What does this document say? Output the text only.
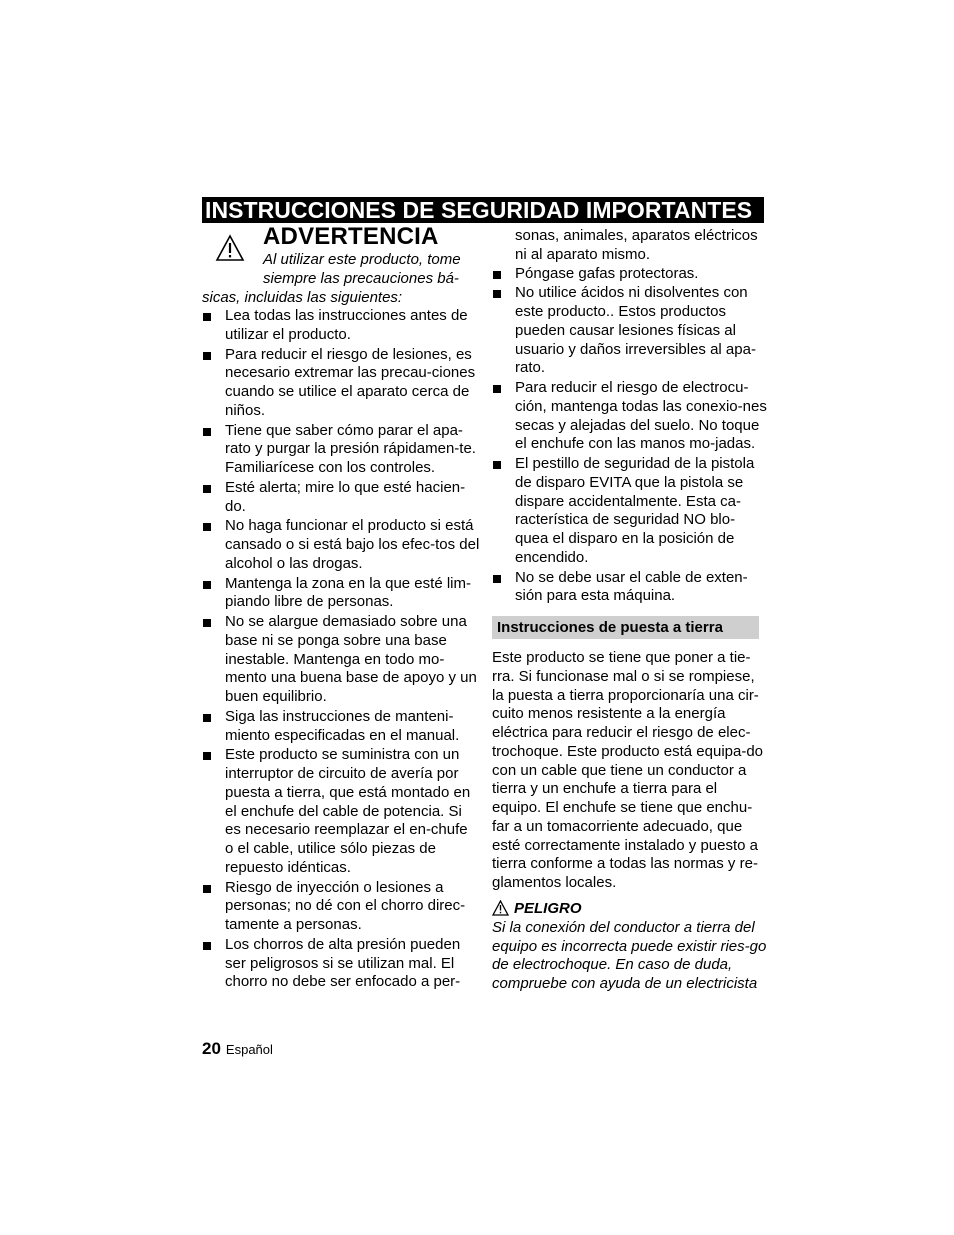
INSTRUCCIONES DE SEGURIDAD IMPORTANTES
ADVERTENCIA
Al utilizar este producto, tome
siempre las precauciones bá-
sicas, incluidas las siguientes:
Lea todas las instrucciones antes de utilizar el producto.
Para reducir el riesgo de lesiones, es necesario extremar las precau-ciones cuando se utilice el aparato cerca de niños.
Tiene que saber cómo parar el apa-rato y purgar la presión rápidamen-te. Familiarícese con los controles.
Esté alerta; mire lo que esté hacien-do.
No haga funcionar el producto si está cansado o si está bajo los efec-tos del alcohol o las drogas.
Mantenga la zona en la que esté lim-piando libre de personas.
No se alargue demasiado sobre una base ni se ponga sobre una base inestable. Mantenga en todo mo-mento una buena base de apoyo y un buen equilibrio.
Siga las instrucciones de manteni-miento especificadas en el manual.
Este producto se suministra con un interruptor de circuito de avería por puesta a tierra, que está montado en el enchufe del cable de potencia. Si es necesario reemplazar el en-chufe o el cable, utilice sólo piezas de repuesto idénticas.
Riesgo de inyección o lesiones a personas; no dé con el chorro direc-tamente a personas.
Los chorros de alta presión pueden ser peligrosos si se utilizan mal. El chorro no debe ser enfocado a per-
sonas, animales, aparatos eléctricos ni al aparato mismo.
Póngase gafas protectoras.
No utilice ácidos ni disolventes con este producto.. Estos productos pueden causar lesiones físicas al usuario y daños irreversibles al apa-rato.
Para reducir el riesgo de electrocu-ción, mantenga todas las conexio-nes secas y alejadas del suelo. No toque el enchufe con las manos mo-jadas.
El pestillo de seguridad de la pistola de disparo EVITA que la pistola se dispare accidentalmente. Esta ca-racterística de seguridad NO blo-quea el disparo en la posición de encendido.
No se debe usar el cable de exten-sión para esta máquina.
Instrucciones de puesta a tierra

Este producto se tiene que poner a tie-rra. Si funcionase mal o si se rompiese, la puesta a tierra proporcionaría una cir-cuito menos resistente a la energía eléctrica para reducir el riesgo de elec-trochoque. Este producto está equipa-do con un cable que tiene un conductor a tierra y un enchufe a tierra para el equipo. El enchufe se tiene que enchu-far a un tomacorriente adecuado, que esté correctamente instalado y puesto a tierra conforme a todas las normas y re-glamentos locales.

PELIGRO

Si la conexión del conductor a tierra del equipo es incorrecta puede existir ries-go de electrochoque. En caso de duda, compruebe con ayuda de un electricista

20 Español
